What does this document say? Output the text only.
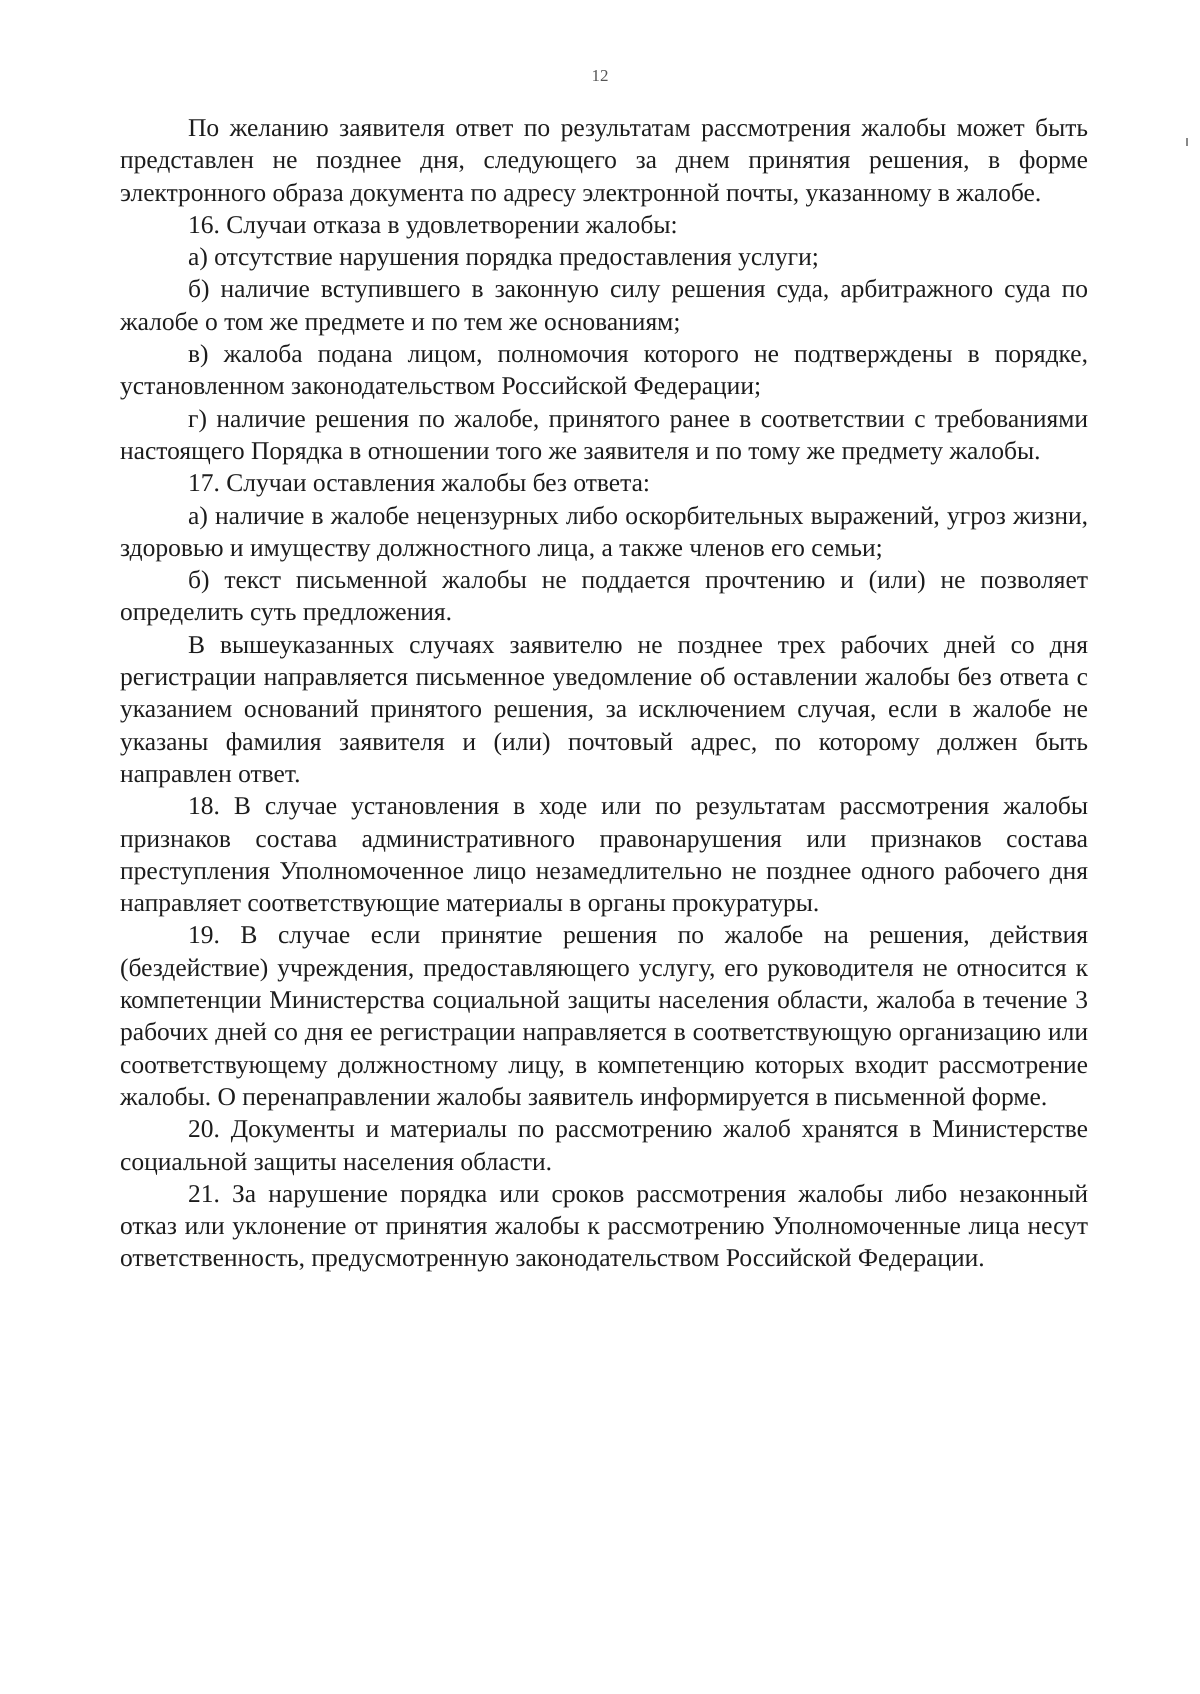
12

По желанию заявителя ответ по результатам рассмотрения жалобы может быть представлен не позднее дня, следующего за днем принятия решения, в форме электронного образа документа по адресу электронной почты, указанному в жалобе.

16. Случаи отказа в удовлетворении жалобы:

а) отсутствие нарушения порядка предоставления услуги;

б) наличие вступившего в законную силу решения суда, арбитражного суда по жалобе о том же предмете и по тем же основаниям;

в) жалоба подана лицом, полномочия которого не подтверждены в порядке, установленном законодательством Российской Федерации;

г) наличие решения по жалобе, принятого ранее в соответствии с требованиями настоящего Порядка в отношении того же заявителя и по тому же предмету жалобы.

17. Случаи оставления жалобы без ответа:

а) наличие в жалобе нецензурных либо оскорбительных выражений, угроз жизни, здоровью и имуществу должностного лица, а также членов его семьи;

б) текст письменной жалобы не поддается прочтению и (или) не позволяет определить суть предложения.

В вышеуказанных случаях заявителю не позднее трех рабочих дней со дня регистрации направляется письменное уведомление об оставлении жалобы без ответа с указанием оснований принятого решения, за исключением случая, если в жалобе не указаны фамилия заявителя и (или) почтовый адрес, по которому должен быть направлен ответ.

18. В случае установления в ходе или по результатам рассмотрения жалобы признаков состава административного правонарушения или признаков состава преступления Уполномоченное лицо незамедлительно не позднее одного рабочего дня направляет соответствующие материалы в органы прокуратуры.

19. В случае если принятие решения по жалобе на решения, действия (бездействие) учреждения, предоставляющего услугу, его руководителя не относится к компетенции Министерства социальной защиты населения области, жалоба в течение 3 рабочих дней со дня ее регистрации направляется в соответствующую организацию или соответствующему должностному лицу, в компетенцию которых входит рассмотрение жалобы. О перенаправлении жалобы заявитель информируется в письменной форме.

20. Документы и материалы по рассмотрению жалоб хранятся в Министерстве социальной защиты населения области.

21. За нарушение порядка или сроков рассмотрения жалобы либо незаконный отказ или уклонение от принятия жалобы к рассмотрению Уполномоченные лица несут ответственность, предусмотренную законодательством Российской Федерации.
